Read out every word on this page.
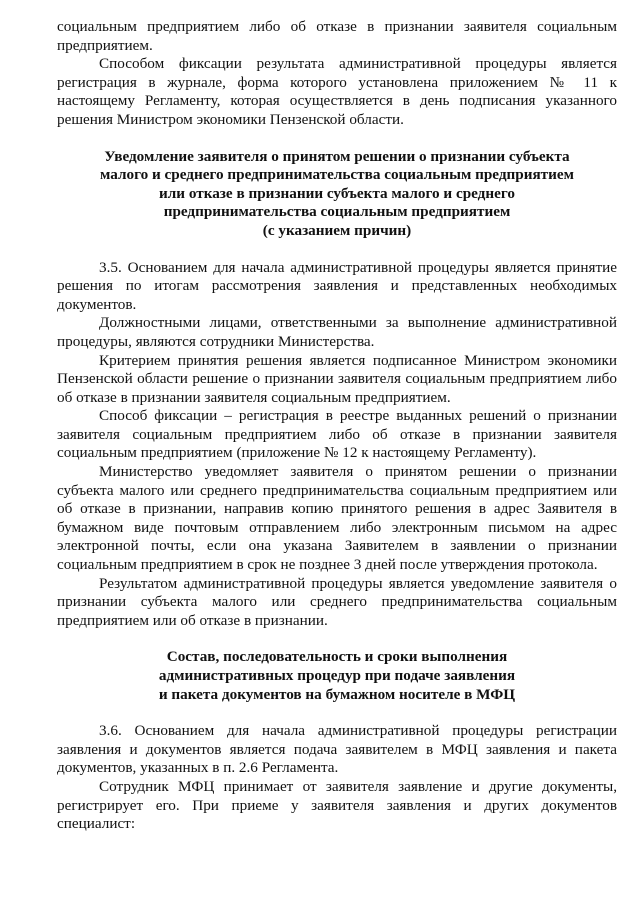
социальным предприятием либо об отказе в признании заявителя социальным предприятием.

Способом фиксации результата административной процедуры является регистрация в журнале, форма которого установлена приложением № 11 к настоящему Регламенту, которая осуществляется в день подписания указанного решения Министром экономики Пензенской области.

Уведомление заявителя о принятом решении о признании субъекта
малого и среднего предпринимательства социальным предприятием
или отказе в признании субъекта малого и среднего
предпринимательства социальным предприятием
(с указанием причин)

3.5. Основанием для начала административной процедуры является принятие решения по итогам рассмотрения заявления и представленных необходимых документов.

Должностными лицами, ответственными за выполнение административной процедуры, являются сотрудники Министерства.

Критерием принятия решения является подписанное Министром экономики Пензенской области решение о признании заявителя социальным предприятием либо об отказе в признании заявителя социальным предприятием.

Способ фиксации – регистрация в реестре выданных решений о признании заявителя социальным предприятием либо об отказе в признании заявителя социальным предприятием (приложение № 12 к настоящему Регламенту).

Министерство уведомляет заявителя о принятом решении о признании субъекта малого или среднего предпринимательства социальным предприятием или об отказе в признании, направив копию принятого решения в адрес Заявителя в бумажном виде почтовым отправлением либо электронным письмом на адрес электронной почты, если она указана Заявителем в заявлении о признании социальным предприятием в срок не позднее 3 дней после утверждения протокола.

Результатом административной процедуры является уведомление заявителя о признании субъекта малого или среднего предпринимательства социальным предприятием или об отказе в признании.

Состав, последовательность и сроки выполнения
административных процедур при подаче заявления
и пакета документов на бумажном носителе в МФЦ

3.6. Основанием для начала административной процедуры регистрации заявления и документов является подача заявителем в МФЦ заявления и пакета документов, указанных в п. 2.6 Регламента.

Сотрудник МФЦ принимает от заявителя заявление и другие документы, регистрирует его. При приеме у заявителя заявления и других документов специалист:
